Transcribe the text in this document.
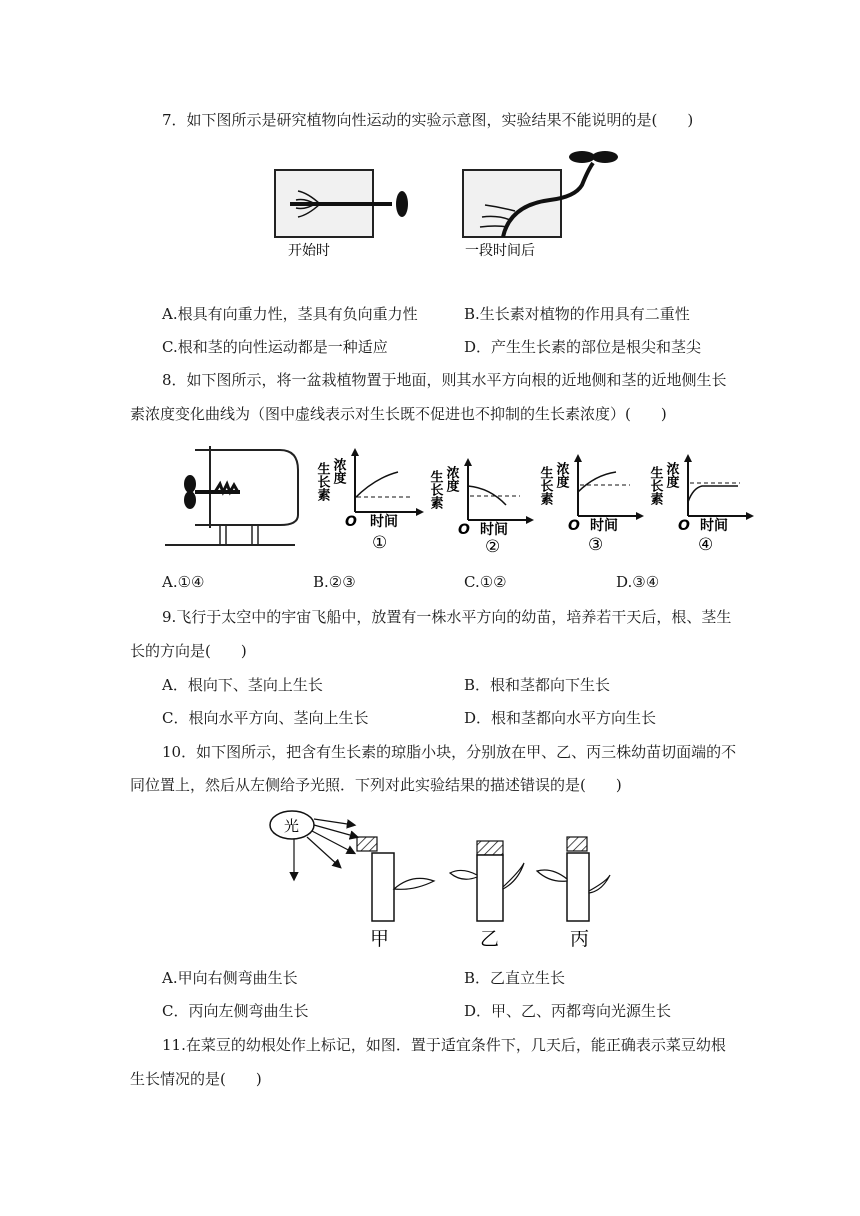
7．如下图所示是研究植物向性运动的实验示意图，实验结果不能说明的是(　　)
开始时	一段时间后
A.根具有向重力性，茎具有负向重力性	B.生长素对植物的作用具有二重性
C.根和茎的向性运动都是一种适应	D．产生生长素的部位是根尖和茎尖
8．如下图所示，将一盆栽植物置于地面，则其水平方向根的近地侧和茎的近地侧生长
素浓度变化曲线为（图中虚线表示对生长既不促进也不抑制的生长素浓度）(　　)
生长素 浓度
O 时间
①
生长素 浓度
O 时间
②
生长素 浓度
O 时间
③
生长素 浓度
O 时间
④
A.①④	B.②③	C.①②	D.③④
9.飞行于太空中的宇宙飞船中，放置有一株水平方向的幼苗，培养若干天后，根、茎生
长的方向是(　　)
A．根向下、茎向上生长	B．根和茎都向下生长
C．根向水平方向、茎向上生长	D．根和茎都向水平方向生长
10．如下图所示，把含有生长素的琼脂小块，分别放在甲、乙、丙三株幼苗切面端的不
同位置上，然后从左侧给予光照．下列对此实验结果的描述错误的是(　　)
光
甲	乙	丙
A.甲向右侧弯曲生长	B．乙直立生长
C．丙向左侧弯曲生长	D．甲、乙、丙都弯向光源生长
11.在菜豆的幼根处作上标记，如图．置于适宜条件下，几天后，能正确表示菜豆幼根
生长情况的是(　　)
